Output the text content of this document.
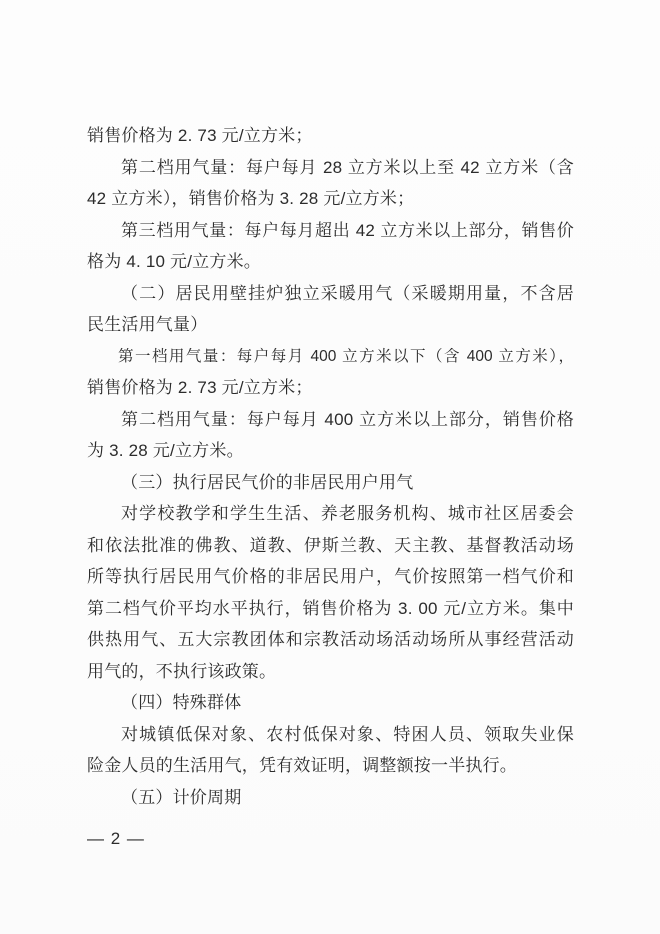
销售价格为 2. 73 元/立方米；
第二档用气量：每户每月 28 立方米以上至 42 立方米（含
42 立方米），销售价格为 3. 28 元/立方米；
第三档用气量：每户每月超出 42 立方米以上部分，销售价
格为 4. 10 元/立方米。
（二）居民用壁挂炉独立采暖用气（采暖期用量，不含居
民生活用气量）
第一档用气量：每户每月 400 立方米以下（含 400 立方米），
销售价格为 2. 73 元/立方米；
第二档用气量：每户每月 400 立方米以上部分，销售价格
为 3. 28 元/立方米。
（三）执行居民气价的非居民用户用气
对学校教学和学生生活、养老服务机构、城市社区居委会
和依法批准的佛教、道教、伊斯兰教、天主教、基督教活动场
所等执行居民用气价格的非居民用户，气价按照第一档气价和
第二档气价平均水平执行，销售价格为 3. 00 元/立方米。集中
供热用气、五大宗教团体和宗教活动场活动场所从事经营活动
用气的，不执行该政策。
（四）特殊群体
对城镇低保对象、农村低保对象、特困人员、领取失业保
险金人员的生活用气，凭有效证明，调整额按一半执行。
（五）计价周期
— 2 —
